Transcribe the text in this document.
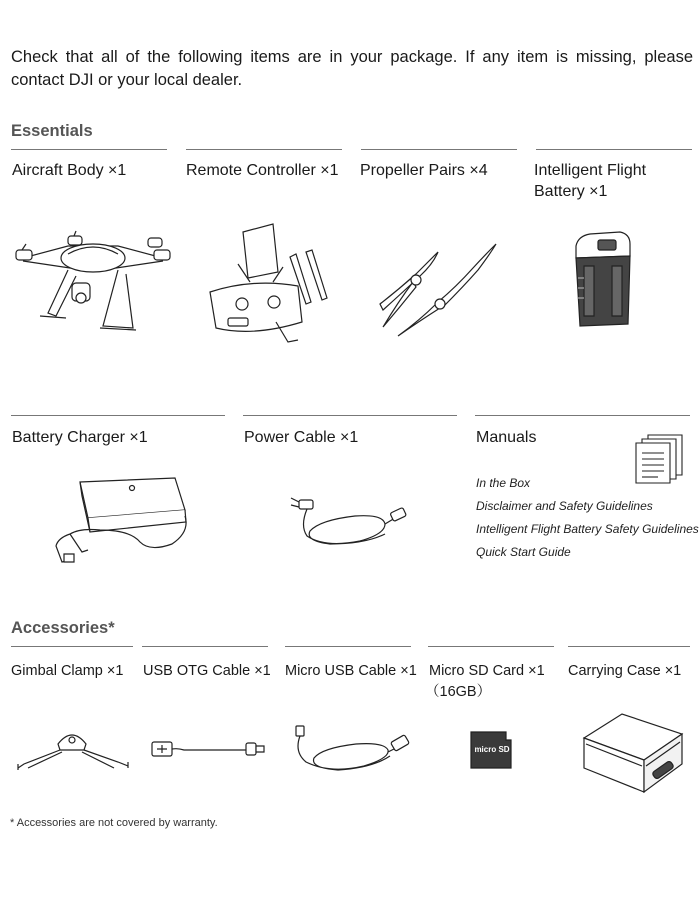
Check that all of the following items are in your package. If any item is missing, please contact DJI or your local dealer.
Essentials
Aircraft Body ×1	Remote Controller ×1	Propeller Pairs ×4	Intelligent Flight Battery ×1
Battery Charger ×1	Power Cable ×1	Manuals
In the Box
Disclaimer and Safety Guidelines
Intelligent Flight Battery Safety Guidelines
Quick Start Guide
Accessories*
Gimbal Clamp ×1 USB OTG Cable ×1 Micro USB Cable ×1 Micro SD Card ×1
（16GB）
Carrying Case ×1
micro SD
* Accessories are not covered by warranty.
